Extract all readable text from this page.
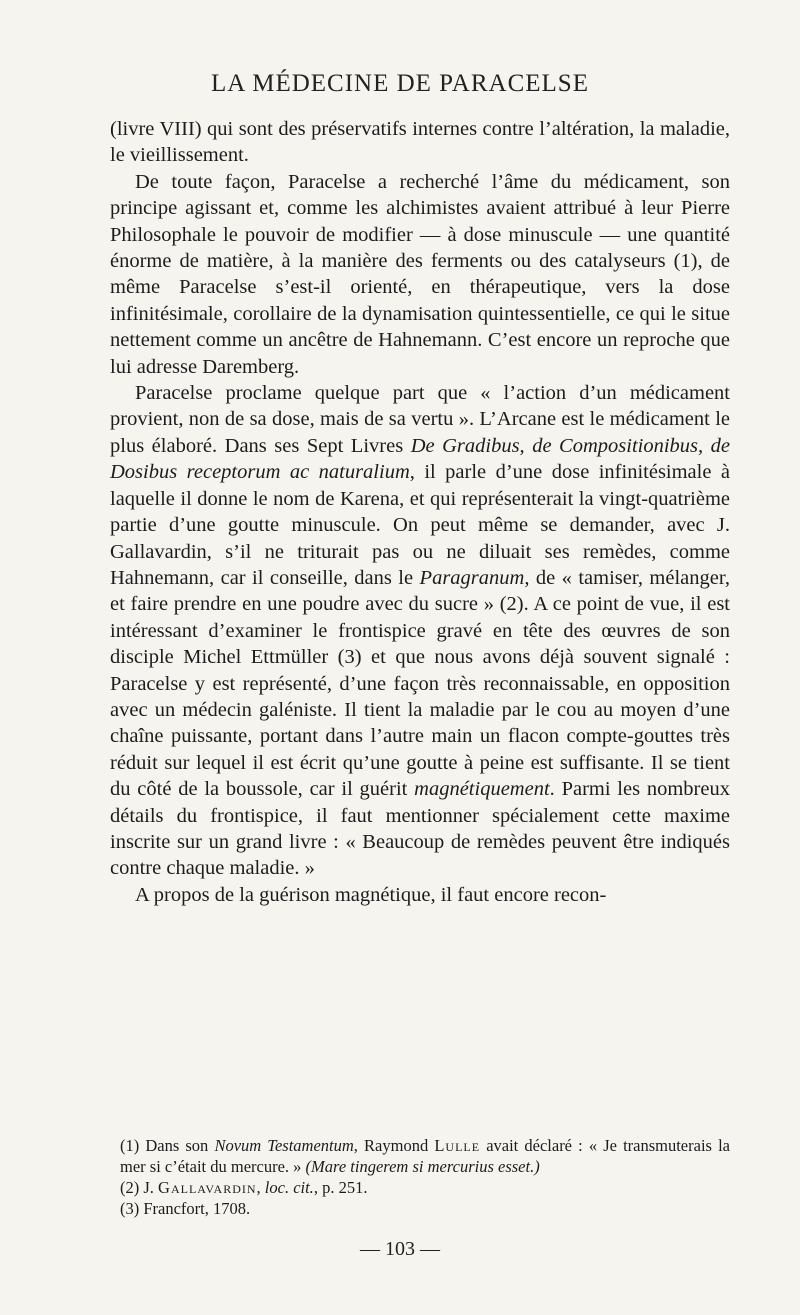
LA MÉDECINE DE PARACELSE

(livre VIII) qui sont des préservatifs internes contre l’altération, la maladie, le vieillissement.

De toute façon, Paracelse a recherché l’âme du médicament, son principe agissant et, comme les alchimistes avaient attribué à leur Pierre Philosophale le pouvoir de modifier — à dose minuscule — une quantité énorme de matière, à la manière des ferments ou des catalyseurs (1), de même Paracelse s’est-il orienté, en thérapeutique, vers la dose infinitésimale, corollaire de la dynamisation quintessentielle, ce qui le situe nettement comme un ancêtre de Hahnemann. C’est encore un reproche que lui adresse Daremberg.

Paracelse proclame quelque part que « l’action d’un médicament provient, non de sa dose, mais de sa vertu ». L’Arcane est le médicament le plus élaboré. Dans ses Sept Livres De Gradibus, de Compositionibus, de Dosibus receptorum ac naturalium, il parle d’une dose infinitésimale à laquelle il donne le nom de Karena, et qui représenterait la vingt-quatrième partie d’une goutte minuscule. On peut même se demander, avec J. Gallavardin, s’il ne triturait pas ou ne diluait ses remèdes, comme Hahnemann, car il conseille, dans le Paragranum, de « tamiser, mélanger, et faire prendre en une poudre avec du sucre » (2). A ce point de vue, il est intéressant d’examiner le frontispice gravé en tête des œuvres de son disciple Michel Ettmüller (3) et que nous avons déjà souvent signalé : Paracelse y est représenté, d’une façon très reconnaissable, en opposition avec un médecin galéniste. Il tient la maladie par le cou au moyen d’une chaîne puissante, portant dans l’autre main un flacon compte-gouttes très réduit sur lequel il est écrit qu’une goutte à peine est suffisante. Il se tient du côté de la boussole, car il guérit magnétiquement. Parmi les nombreux détails du frontispice, il faut mentionner spécialement cette maxime inscrite sur un grand livre : « Beaucoup de remèdes peuvent être indiqués contre chaque maladie. »

A propos de la guérison magnétique, il faut encore recon-

(1) Dans son Novum Testamentum, Raymond Lulle avait déclaré : « Je transmuterais la mer si c’était du mercure. » (Mare tingerem si mercurius esset.)

(2) J. Gallavardin, loc. cit., p. 251.

(3) Francfort, 1708.

— 103 —
